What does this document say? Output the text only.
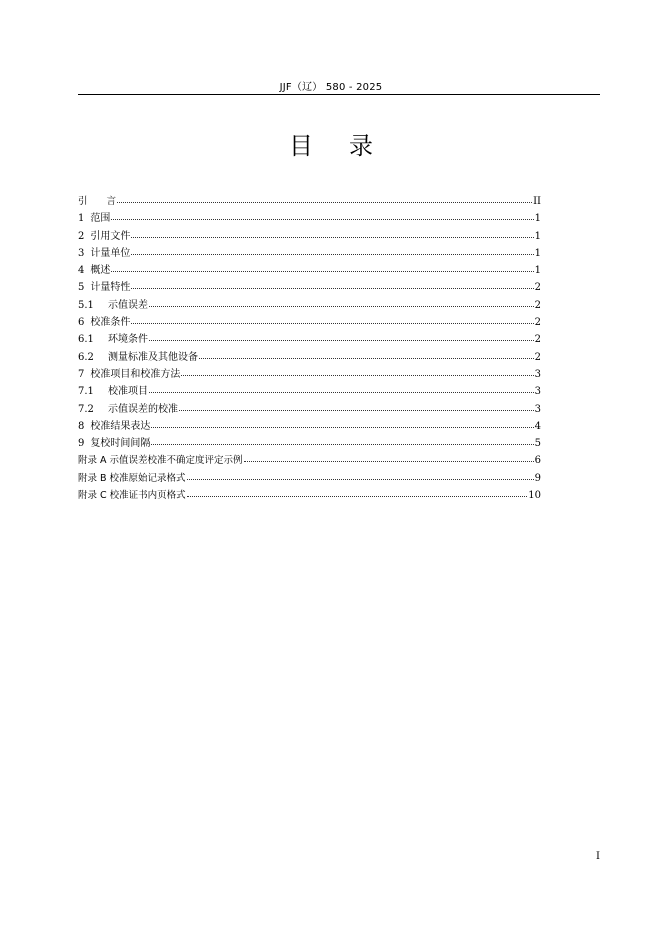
JJF（辽） 580 - 2025
目录
引　　言	II
1 范围	1
2 引用文件	1
3 计量单位	1
4 概述	1
5 计量特性	2
5.1	示值误差	2
6 校准条件	2
6.1	环境条件	2
6.2	测量标准及其他设备	2
7 校准项目和校准方法	3
7.1	校准项目	3
7.2	示值误差的校准	3
8 校准结果表达	4
9 复校时间间隔	5
附录 A 示值误差校准不确定度评定示例	6
附录 B 校准原始记录格式	9
附录 C 校准证书内页格式	10
I
